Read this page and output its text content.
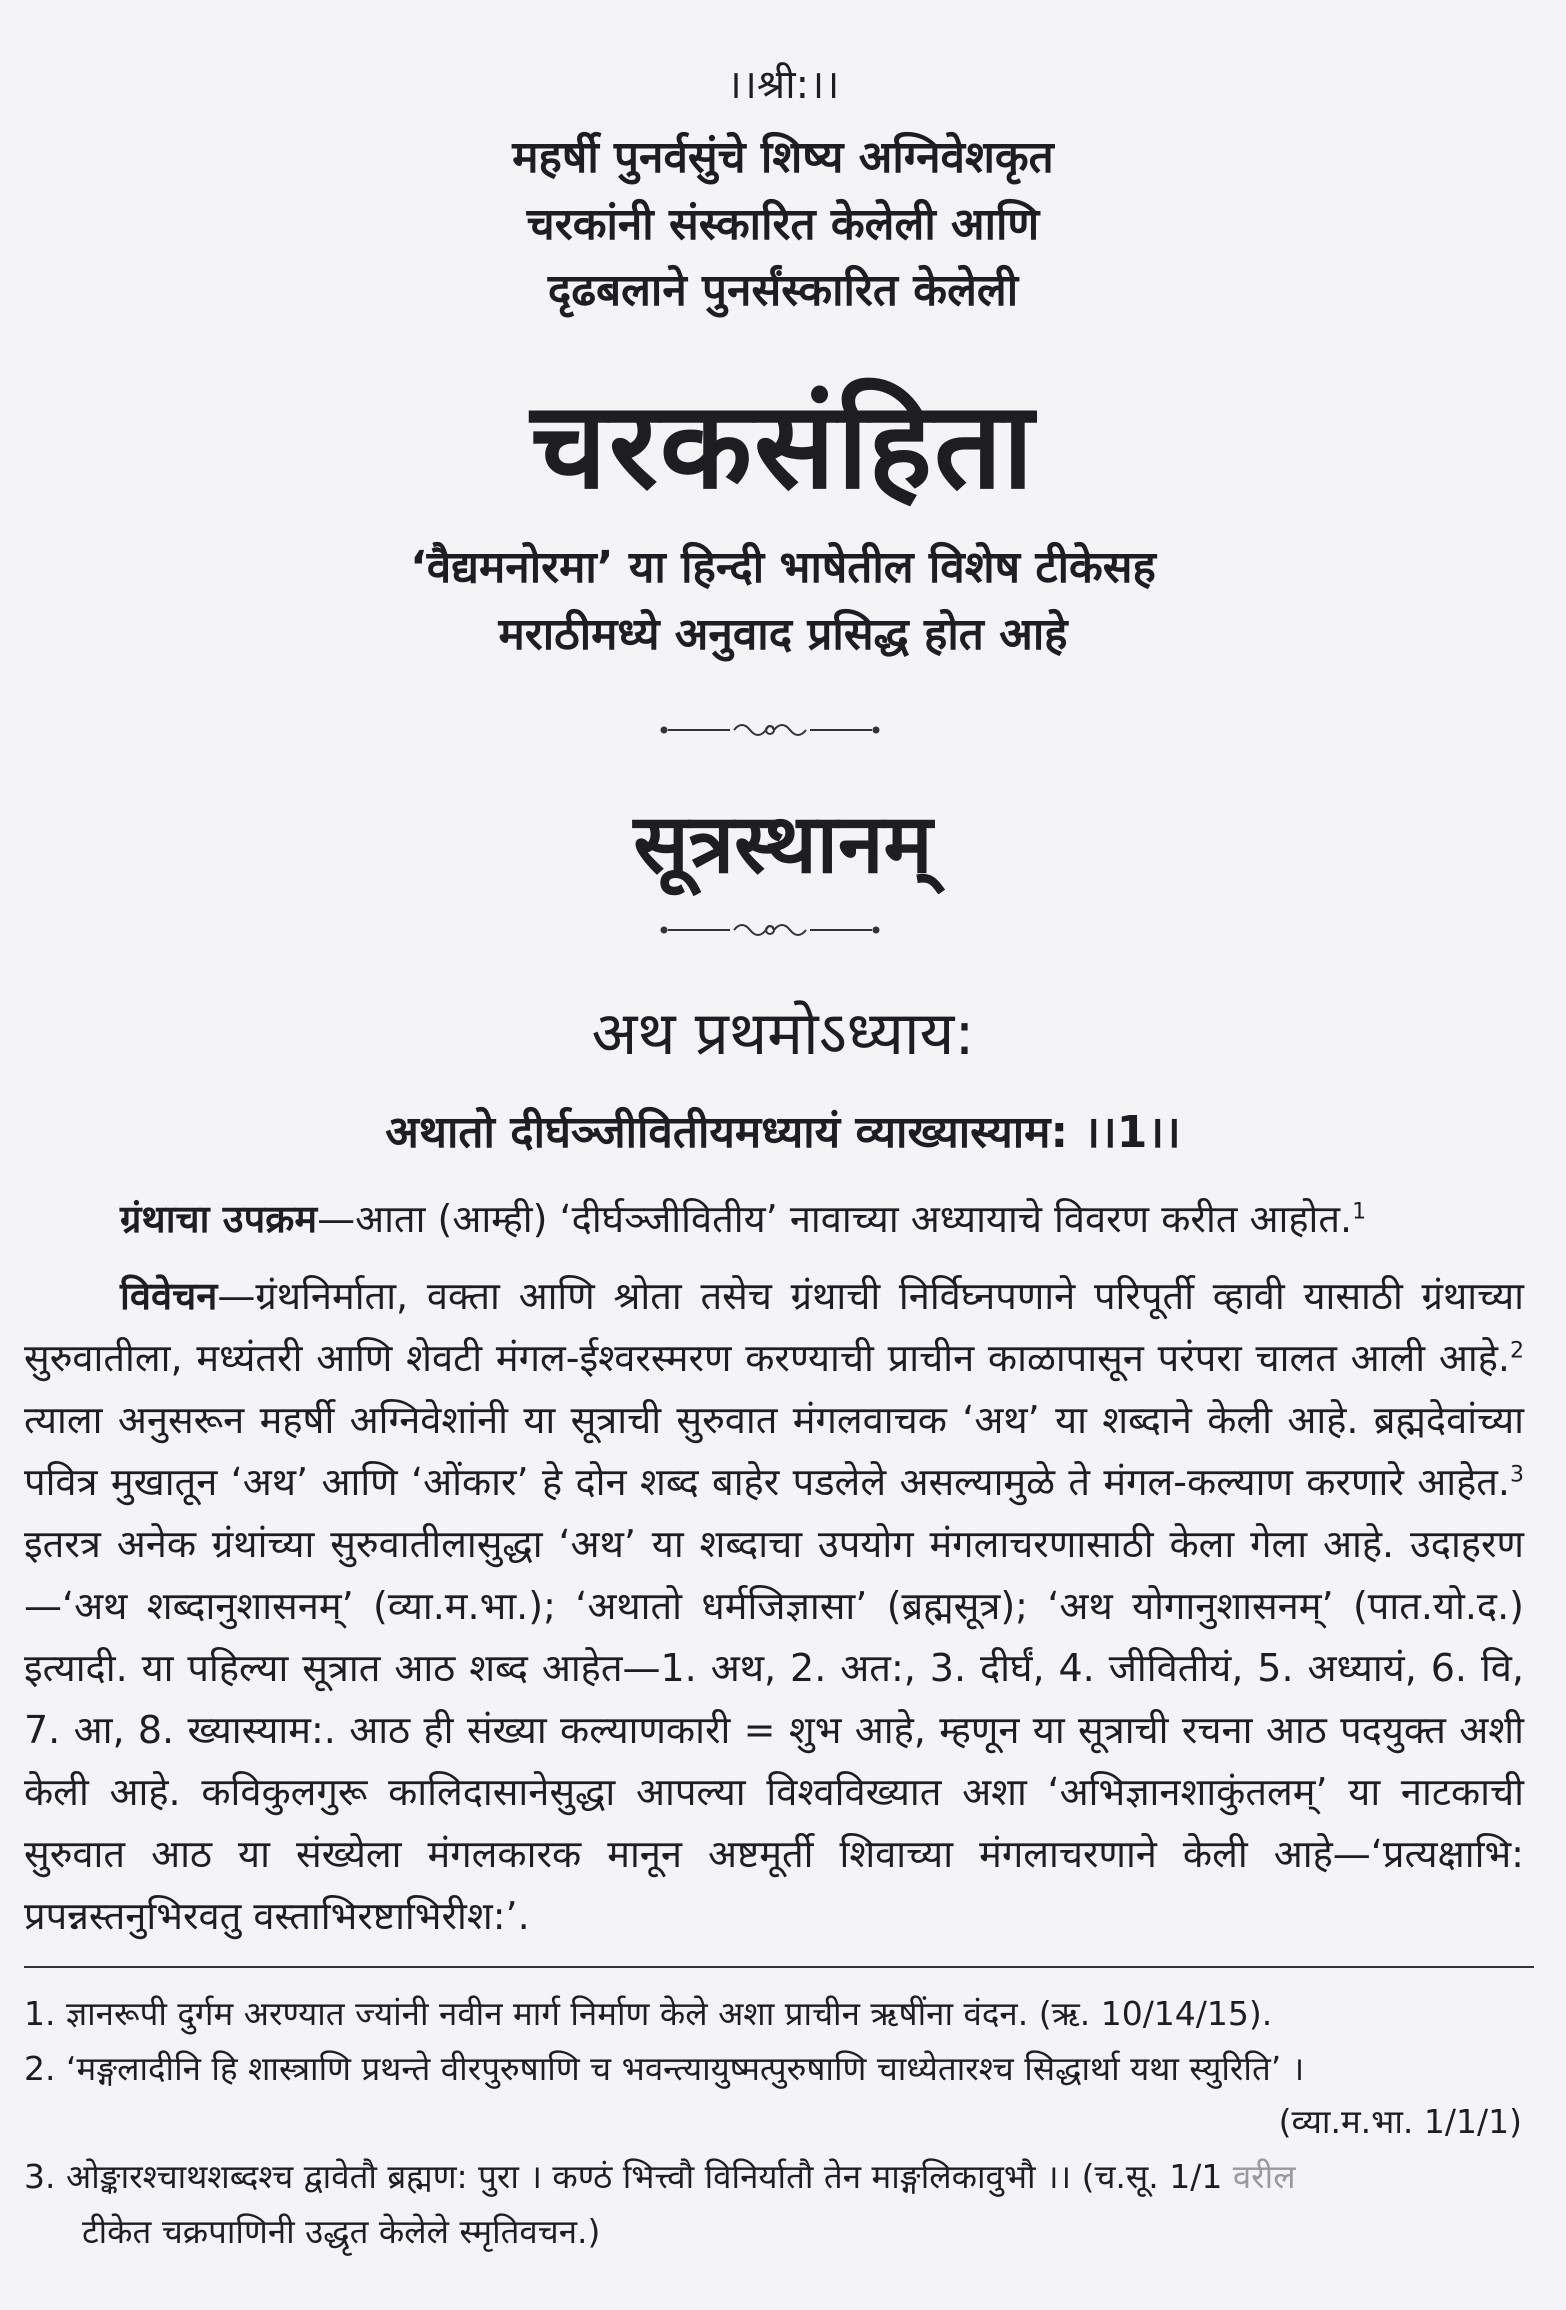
।।श्री:।।
महर्षी पुनर्वसुंचे शिष्य अग्निवेशकृत
चरकांनी संस्कारित केलेली आणि
दृढबलाने पुनर्संस्कारित केलेली
चरकसंहिता
‘वैद्यमनोरमा’ या हिन्दी भाषेतील विशेष टीकेसह
मराठीमध्ये अनुवाद प्रसिद्ध होत आहे
सूत्रस्थानम्
अथ प्रथमोऽध्याय:
अथातो दीर्घञ्जीवितीयमध्यायं व्याख्यास्याम: ।।1।।
ग्रंथाचा उपक्रम—आता (आम्ही) ‘दीर्घञ्जीवितीय’ नावाच्या अध्यायाचे विवरण करीत आहोत.$^1$
विवेचन—ग्रंथनिर्माता, वक्ता आणि श्रोता तसेच ग्रंथाची निर्विघ्नपणाने परिपूर्ती व्हावी यासाठी ग्रंथाच्या सुरुवातीला, मध्यंतरी आणि शेवटी मंगल-ईश्वरस्मरण करण्याची प्राचीन काळापासून परंपरा चालत आली आहे.$^2$ त्याला अनुसरून महर्षी अग्निवेशांनी या सूत्राची सुरुवात मंगलवाचक ‘अथ’ या शब्दाने केली आहे. ब्रह्मदेवांच्या पवित्र मुखातून ‘अथ’ आणि ‘ओंकार’ हे दोन शब्द बाहेर पडलेले असल्यामुळे ते मंगल-कल्याण करणारे आहेत.$^3$ इतरत्र अनेक ग्रंथांच्या सुरुवातीलासुद्धा ‘अथ’ या शब्दाचा उपयोग मंगलाचरणासाठी केला गेला आहे. उदाहरण—‘अथ शब्दानुशासनम्’ (व्या.म.भा.); ‘अथातो धर्मजिज्ञासा’ (ब्रह्मसूत्र); ‘अथ योगानुशासनम्’ (पात.यो.द.) इत्यादी. या पहिल्या सूत्रात आठ शब्द आहेत—1. अथ, 2. अत:, 3. दीर्घं, 4. जीवितीयं, 5. अध्यायं, 6. वि, 7. आ, 8. ख्यास्याम:. आठ ही संख्या कल्याणकारी = शुभ आहे, म्हणून या सूत्राची रचना आठ पदयुक्त अशी केली आहे. कविकुलगुरू कालिदासानेसुद्धा आपल्या विश्वविख्यात अशा ‘अभिज्ञानशाकुंतलम्’ या नाटकाची सुरुवात आठ या संख्येला मंगलकारक मानून अष्टमूर्ती शिवाच्या मंगलाचरणाने केली आहे—‘प्रत्यक्षाभि: प्रपन्नस्तनुभिरवतु वस्ताभिरष्टाभिरीश:’.
1. ज्ञानरूपी दुर्गम अरण्यात ज्यांनी नवीन मार्ग निर्माण केले अशा प्राचीन ऋषींना वंदन. (ऋ. 10/14/15).
2. ‘मङ्गलादीनि हि शास्त्राणि प्रथन्ते वीरपुरुषाणि च भवन्त्यायुष्मत्पुरुषाणि चाध्येतारश्च सिद्धार्था यथा स्युरिति’ ।
(व्या.म.भा. 1/1/1)
3. ओङ्कारश्चाथशब्दश्च द्वावेतौ ब्रह्मण: पुरा । कण्ठं भित्त्वौ विनिर्यातौ तेन माङ्गलिकावुभौ ।। (च.सू. 1/1 वरील
टीकेत चक्रपाणिनी उद्धृत केलेले स्मृतिवचन.)
